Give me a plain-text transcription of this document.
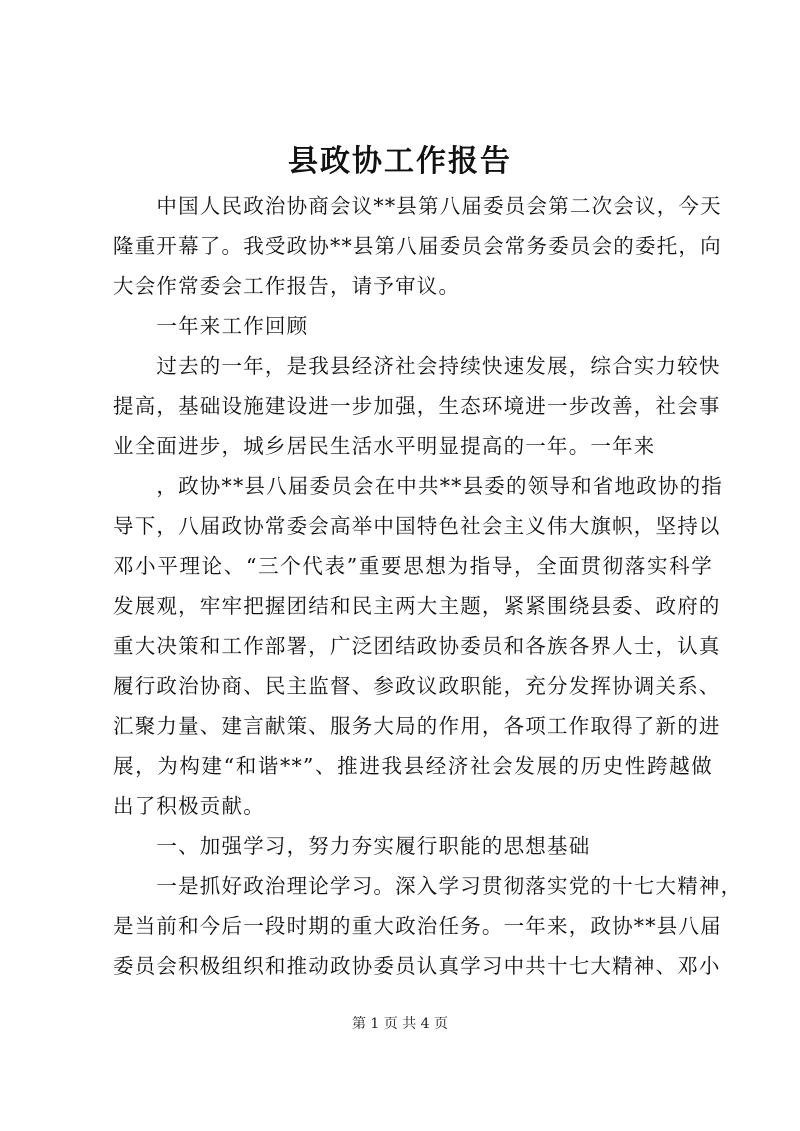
县政协工作报告
　　中国人民政治协商会议**县第八届委员会第二次会议，今天
隆重开幕了。我受政协**县第八届委员会常务委员会的委托，向
大会作常委会工作报告，请予审议。
　　一年来工作回顾
　　过去的一年，是我县经济社会持续快速发展，综合实力较快
提高，基础设施建设进一步加强，生态环境进一步改善，社会事
业全面进步，城乡居民生活水平明显提高的一年。一年来
　　，政协**县八届委员会在中共**县委的领导和省地政协的指
导下，八届政协常委会高举中国特色社会主义伟大旗帜，坚持以
邓小平理论、“三个代表”重要思想为指导，全面贯彻落实科学
发展观，牢牢把握团结和民主两大主题，紧紧围绕县委、政府的
重大决策和工作部署，广泛团结政协委员和各族各界人士，认真
履行政治协商、民主监督、参政议政职能，充分发挥协调关系、
汇聚力量、建言献策、服务大局的作用，各项工作取得了新的进
展，为构建“和谐**”、推进我县经济社会发展的历史性跨越做
出了积极贡献。
　　一、加强学习，努力夯实履行职能的思想基础
　　一是抓好政治理论学习。深入学习贯彻落实党的十七大精神，
是当前和今后一段时期的重大政治任务。一年来，政协**县八届
委员会积极组织和推动政协委员认真学习中共十七大精神、邓小
第 1 页 共 4 页
